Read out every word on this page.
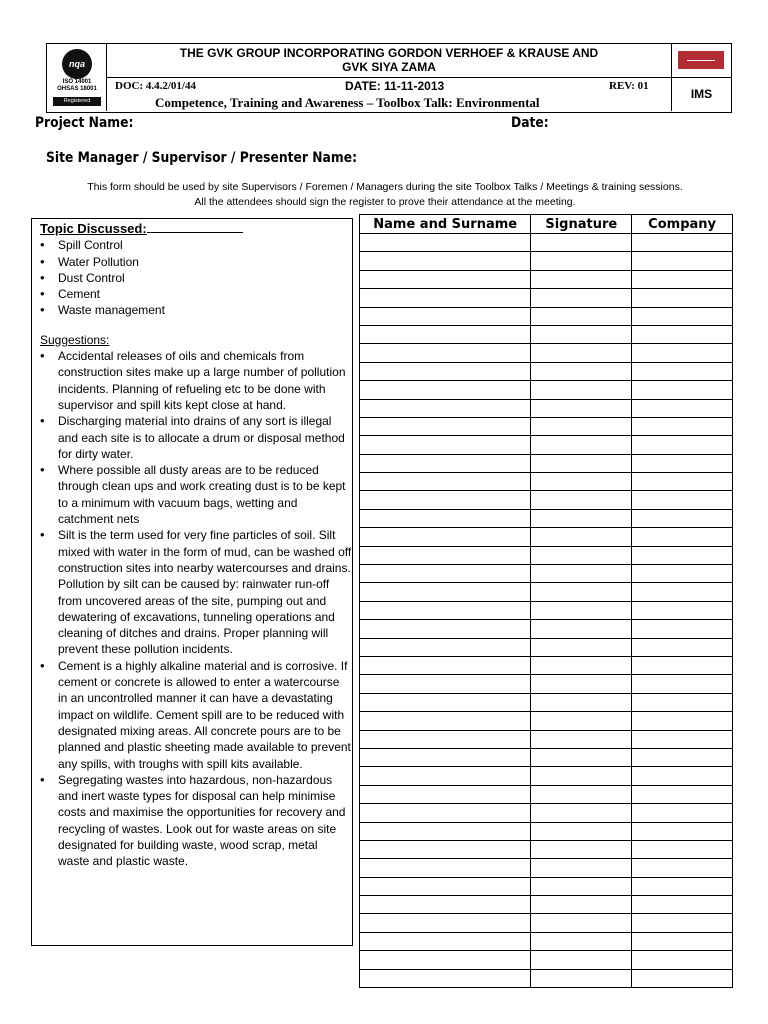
nqa
ISO 14001
OHSAS 18001
Registered
THE GVK GROUP INCORPORATING GORDON VERHOEF & KRAUSE AND
GVK SIYA ZAMA
DOC: 4.4.2/01/44	DATE: 11-11-2013	REV: 01
Competence, Training and Awareness – Toolbox Talk: Environmental
IMS
Project Name:	Date:
Site Manager / Supervisor / Presenter Name:
This form should be used by site Supervisors / Foremen / Managers during the site Toolbox Talks / Meetings & training sessions.
All the attendees should sign the register to prove their attendance at the meeting.
Topic Discussed:
• Spill Control
• Water Pollution
• Dust Control
• Cement
• Waste management
Suggestions:
• Accidental releases of oils and chemicals from construction sites make up a large number of pollution incidents. Planning of refueling etc to be done with supervisor and spill kits kept close at hand.
• Discharging material into drains of any sort is illegal and each site is to allocate a drum or disposal method for dirty water.
• Where possible all dusty areas are to be reduced through clean ups and work creating dust is to be kept to a minimum with vacuum bags, wetting and catchment nets
• Silt is the term used for very fine particles of soil. Silt mixed with water in the form of mud, can be washed off construction sites into nearby watercourses and drains. Pollution by silt can be caused by: rainwater run-off from uncovered areas of the site, pumping out and dewatering of excavations, tunneling operations and cleaning of ditches and drains. Proper planning will prevent these pollution incidents.
• Cement is a highly alkaline material and is corrosive. If cement or concrete is allowed to enter a watercourse in an uncontrolled manner it can have a devastating impact on wildlife. Cement spill are to be reduced with designated mixing areas. All concrete pours are to be planned and plastic sheeting made available to prevent any spills, with troughs with spill kits available.
• Segregating wastes into hazardous, non-hazardous and inert waste types for disposal can help minimise costs and maximise the opportunities for recovery and recycling of wastes. Look out for waste areas on site designated for building waste, wood scrap, metal waste and plastic waste.
Name and Surname	Signature	Company
